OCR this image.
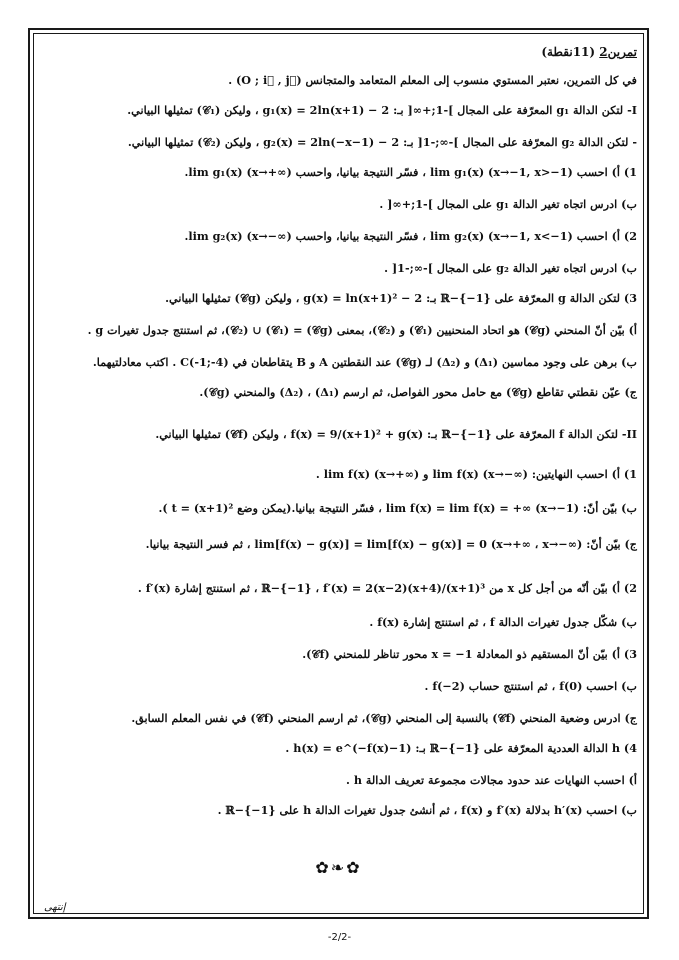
تمرين2 (11نقطة)
في كل التمرين، نعتبر المستوي منسوب إلى المعلم المتعامد والمتجانس (O ; i⃗ , j⃗) .
I- لتكن الدالة g₁ المعرّفة على المجال ]-1;+∞[ بـ: g₁(x) = 2ln(x+1) − 2 ، وليكن (𝒞₁) تمثيلها البياني.
- لتكن الدالة g₂ المعرّفة على المجال ]-∞;-1[ بـ: g₂(x) = 2ln(−x−1) − 2 ، وليكن (𝒞₂) تمثيلها البياني.
1) أ) احسب lim g₁(x) (x→−1, x>−1) ، فسّر النتيجة بيانيا، واحسب lim g₁(x) (x→+∞).
ب) ادرس اتجاه تغير الدالة g₁ على المجال ]-1;+∞[ .
2) أ) احسب lim g₂(x) (x→−1, x<−1) ، فسّر النتيجة بيانيا، واحسب lim g₂(x) (x→−∞).
ب) ادرس اتجاه تغير الدالة g₂ على المجال ]-∞;-1[ .
3) لتكن الدالة g المعرّفة على ℝ−{−1} بـ: g(x) = ln(x+1)² − 2 ، وليكن (𝒞g) تمثيلها البياني.
أ) بيّن أنّ المنحني (𝒞g) هو اتحاد المنحنيين (𝒞₁) و (𝒞₂)، بمعنى (𝒞g) = (𝒞₁) ∪ (𝒞₂)، ثم استنتج جدول تغيرات g .
ب) برهن على وجود مماسين (Δ₁) و (Δ₂) لـ (𝒞g) عند النقطتين A و B يتقاطعان في C(-1;-4) . اكتب معادلتيهما.
ج) عيّن نقطتي تقاطع (𝒞g) مع حامل محور الفواصل، ثم ارسم (Δ₁) ، (Δ₂) والمنحني (𝒞g).
II- لتكن الدالة f المعرّفة على ℝ−{−1} بـ: f(x) = 9/(x+1)² + g(x) ، وليكن (𝒞f) تمثيلها البياني.
1) أ) احسب النهايتين: lim f(x) (x→−∞) و lim f(x) (x→+∞) .
ب) بيّن أنّ: lim f(x) = lim f(x) = +∞ (x→−1) ، فسّر النتيجة بيانيا.(يمكن وضع t = (x+1)² ).
ج) بيّن أنّ: lim[f(x) − g(x)] = lim[f(x) − g(x)] = 0 (x→+∞ ، x→−∞) ، ثم فسر النتيجة بيانيا.
2) أ) بيّن أنّه من أجل كل x من ℝ−{−1} ، f′(x) = 2(x−2)(x+4)/(x+1)³ ، ثم استنتج إشارة f′(x) .
ب) شكّل جدول تغيرات الدالة f ، ثم استنتج إشارة f(x) .
3) أ) بيّن أنّ المستقيم ذو المعادلة x = −1 محور تناظر للمنحني (𝒞f).
ب) احسب f(0) ، ثم استنتج حساب f(−2) .
ج) ادرس وضعية المنحني (𝒞f) بالنسبة إلى المنحني (𝒞g)، ثم ارسم المنحني (𝒞f) في نفس المعلم السابق.
4) h الدالة العددية المعرّفة على ℝ−{−1} بـ: h(x) = e^(−f(x)−1) .
أ) احسب النهايات عند حدود مجالات مجموعة تعريف الدالة h .
ب) احسب h′(x) بدلالة f′(x) و f(x) ، ثم أنشئ جدول تغيرات الدالة h على ℝ−{−1} .
✿❧✿
إنتهى
-2/2-
